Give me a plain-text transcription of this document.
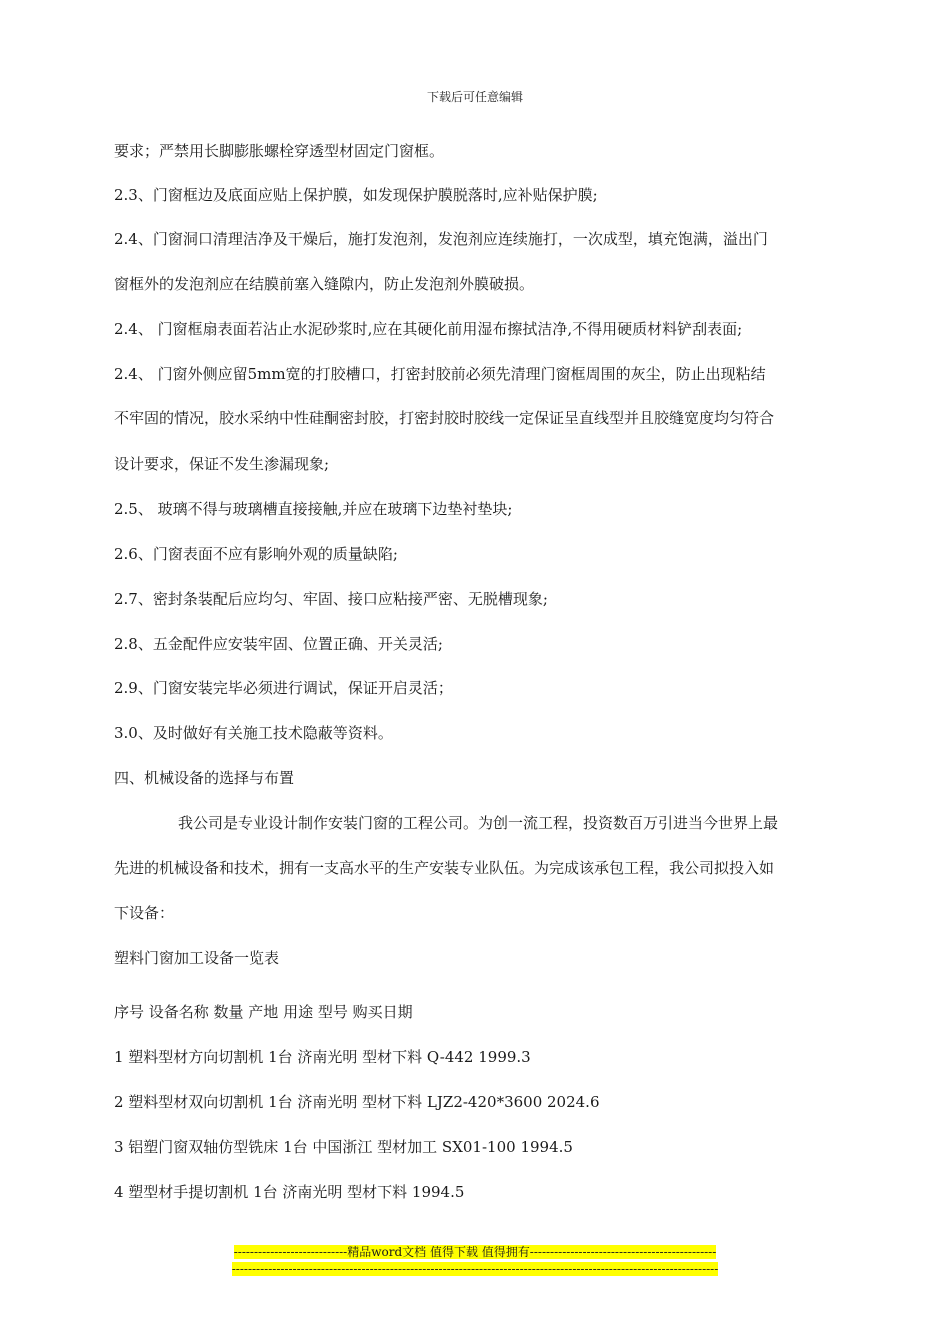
下载后可任意编辑
要求；严禁用长脚膨胀螺栓穿透型材固定门窗框。
2.3、门窗框边及底面应贴上保护膜，如发现保护膜脱落时,应补贴保护膜;
2.4、门窗洞口清理洁净及干燥后，施打发泡剂，发泡剂应连续施打，一次成型，填充饱满，溢出门
窗框外的发泡剂应在结膜前塞入缝隙内，防止发泡剂外膜破损。
2.4、 门窗框扇表面若沾止水泥砂浆时,应在其硬化前用湿布擦拭洁净,不得用硬质材料铲刮表面;
2.4、 门窗外侧应留5mm宽的打胶槽口，打密封胶前必须先清理门窗框周围的灰尘，防止出现粘结
不牢固的情况，胶水采纳中性硅酮密封胶，打密封胶时胶线一定保证呈直线型并且胶缝宽度均匀符合
设计要求，保证不发生渗漏现象;
2.5、 玻璃不得与玻璃槽直接接触,并应在玻璃下边垫衬垫块;
2.6、门窗表面不应有影响外观的质量缺陷;
2.7、密封条装配后应均匀、牢固、接口应粘接严密、无脱槽现象;
2.8、五金配件应安装牢固、位置正确、开关灵活;
2.9、门窗安装完毕必须进行调试，保证开启灵活；
3.0、及时做好有关施工技术隐蔽等资料。
四、机械设备的选择与布置
我公司是专业设计制作安装门窗的工程公司。为创一流工程，投资数百万引进当今世界上最
先进的机械设备和技术，拥有一支高水平的生产安装专业队伍。为完成该承包工程，我公司拟投入如
下设备：
塑料门窗加工设备一览表
序号 设备名称 数量 产地 用途 型号 购买日期
1 塑料型材方向切割机 1台 济南光明 型材下料 Q-442 1999.3
2 塑料型材双向切割机 1台 济南光明 型材下料 LJZ2-420*3600 2024.6
3 铝塑门窗双轴仿型铣床 1台 中国浙江 型材加工 SX01-100 1994.5
4 塑型材手提切割机 1台 济南光明 型材下料 1994.5
----------------------------精品word文档 值得下载 值得拥有----------------------------------------------
------------------------------------------------------------------------------------------------------------------------
